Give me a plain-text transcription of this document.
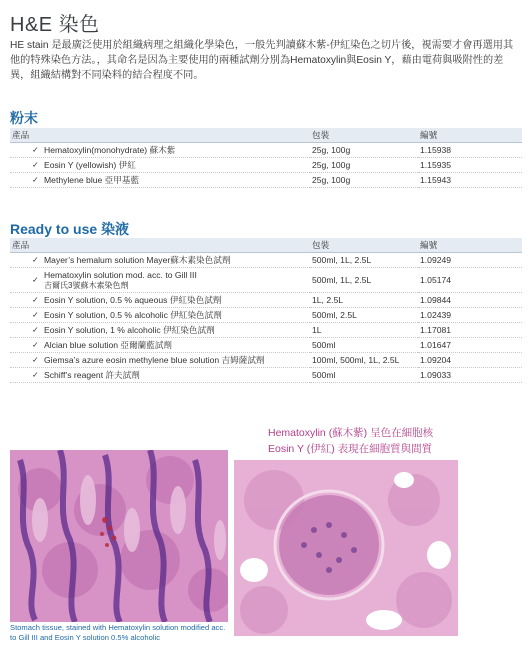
H&E 染色
HE stain 是最廣泛使用於組織病理之組織化學染色，一般先判讀蘇木紫-伊紅染色之切片後，視需要才會再選用其他的特殊染色方法。，其命名是因為主要使用的兩種試劑分別為Hematoxylin與Eosin Y，藉由電荷與吸附性的差異，組織結構對不同染料的結合程度不同。
粉末
產品	包裝	編號

✓ Hematoxylin(monohydrate) 蘇木紫	25g, 100g	1.15938

✓ Eosin Y (yellowish) 伊紅	25g, 100g	1.15935

✓ Methylene blue 亞甲基藍	25g, 100g	1.15943
Ready to use 染液
產品	包裝	編號

✓ Mayer’s hemalum solution Mayer蘇木素染色試劑	500ml, 1L, 2.5L	1.09249

✓
Hematoxylin solution mod. acc. to Gill III
吉爾氏3號蘇木素染色劑	500ml, 1L, 2.5L	1.05174

✓ Eosin Y solution, 0.5 % aqueous 伊紅染色試劑	1L, 2.5L	1.09844

✓ Eosin Y solution, 0.5 % alcoholic 伊紅染色試劑	500ml, 2.5L	1.02439

✓ Eosin Y solution, 1 % alcoholic 伊紅染色試劑	1L	1.17081

✓ Alcian blue solution 亞爾蘭藍試劑	500ml	1.01647

✓ Giemsa’s azure eosin methylene blue solution 吉姆薩試劑	100ml, 500ml, 1L, 2.5L	1.09204

✓ Schiff’s reagent 許夫試劑	500ml	1.09033
Hematoxylin (蘇木紫) 呈色在細胞核
Eosin Y (伊紅) 表現在細胞質與間質
Stomach tissue, stained with Hematoxylin solution modified acc. to Gill III and Eosin Y solution 0.5% alcoholic
